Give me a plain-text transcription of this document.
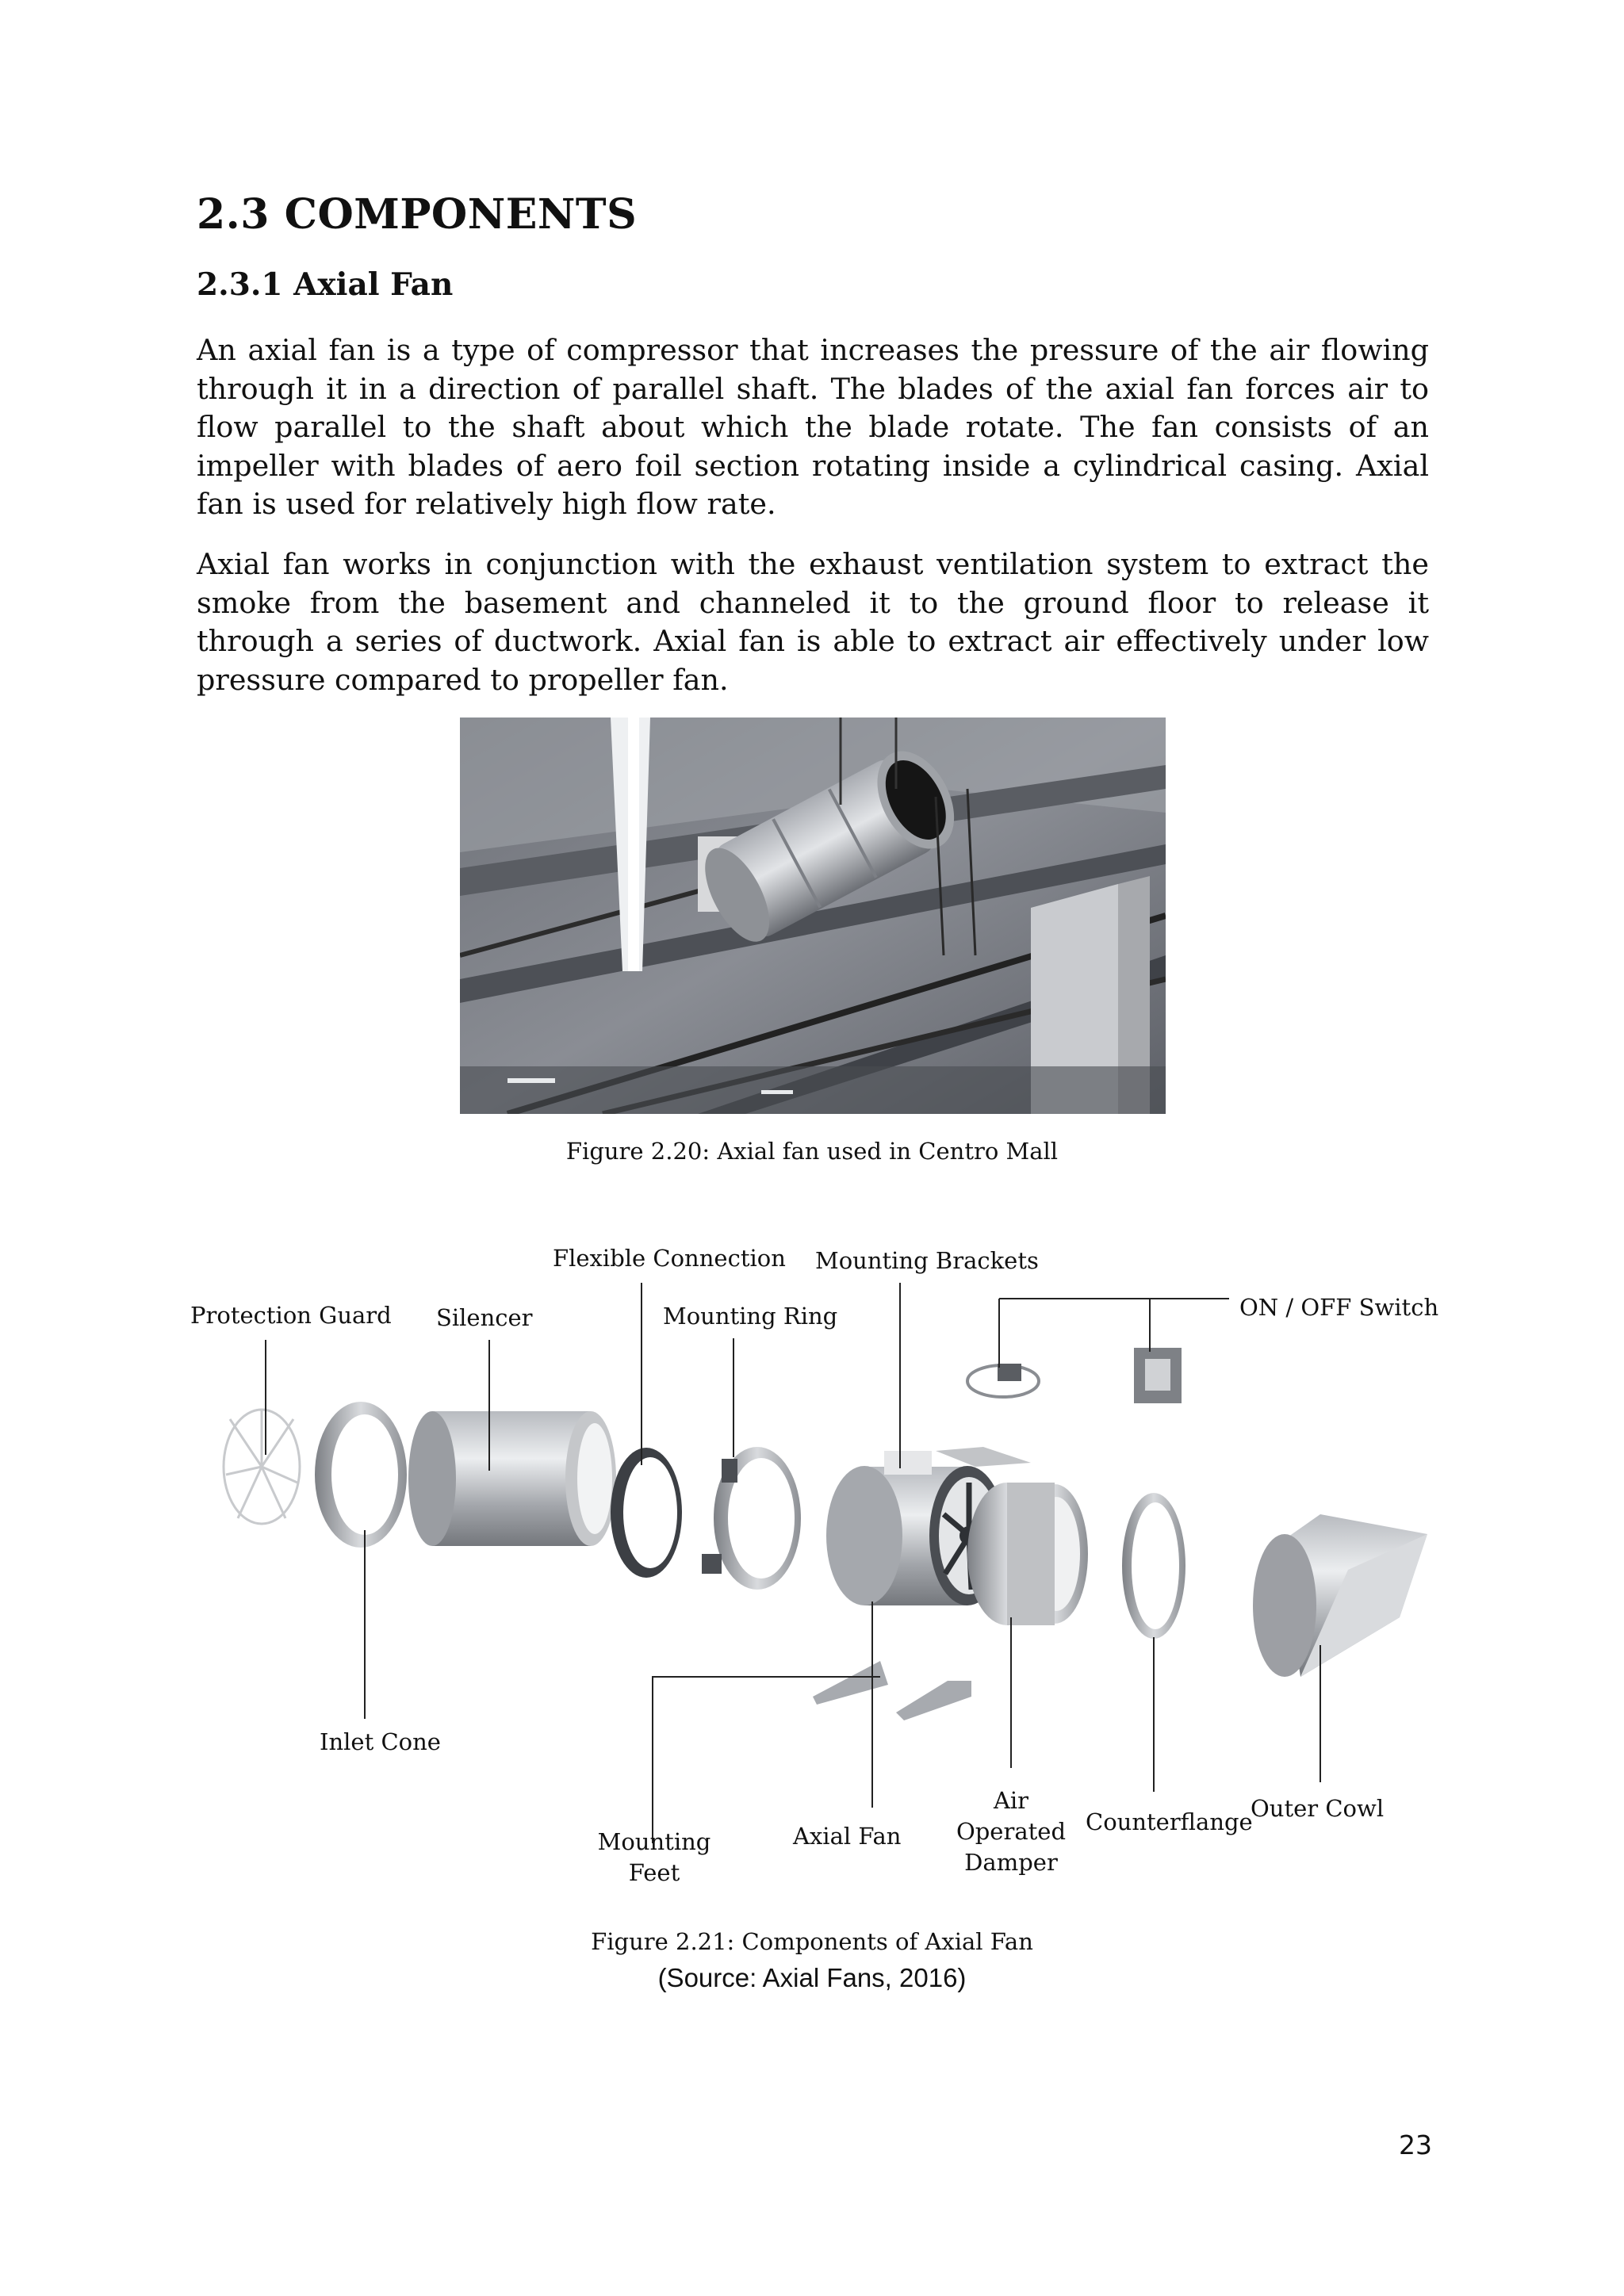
2.3 COMPONENTS
2.3.1 Axial Fan

An axial fan is a type of compressor that increases the pressure of the air flowing through it in a direction of parallel shaft. The blades of the axial fan forces air to flow parallel to the shaft about which the blade rotate. The fan consists of an impeller with blades of aero foil section rotating inside a cylindrical casing. Axial fan is used for relatively high flow rate.

Axial fan works in conjunction with the exhaust ventilation system to extract the smoke from the basement and channeled it to the ground floor to release it through a series of ductwork. Axial fan is able to extract air effectively under low pressure compared to propeller fan.

Figure 2.20: Axial fan used in Centro Mall
Protection Guard Silencer
Flexible Connection
Mounting Ring
Mounting Brackets
ON / OFF Switch
Inlet Cone
Mounting
Feet
Axial Fan
Air
Operated
Damper
Counterflange
Outer Cowl
Figure 2.21: Components of Axial Fan
(Source: Axial Fans, 2016)
23
